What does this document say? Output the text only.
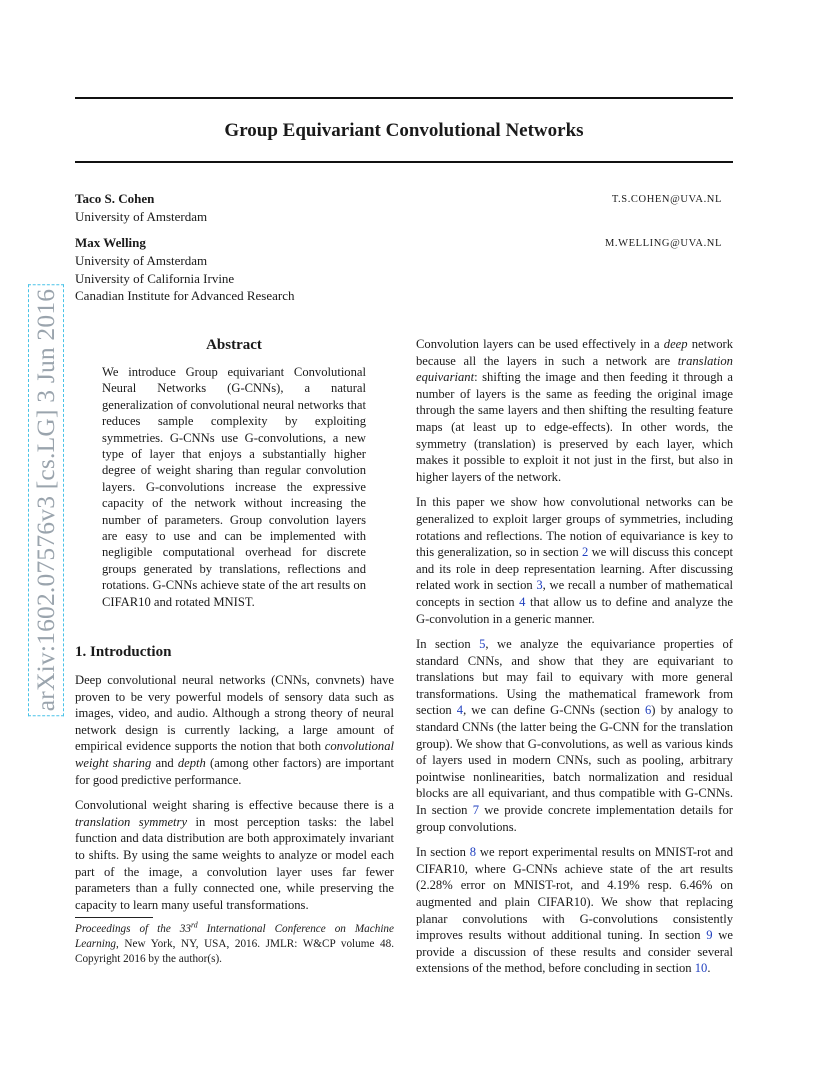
Group Equivariant Convolutional Networks
Taco S. Cohen	T.S.COHEN@UVA.NL
University of Amsterdam
Max Welling	M.WELLING@UVA.NL
University of Amsterdam
University of California Irvine
Canadian Institute for Advanced Research
arXiv:1602.07576v3 [cs.LG] 3 Jun 2016	Abstract
We introduce Group equivariant Convolutional Neural Networks (G-CNNs), a natural generalization of convolutional neural networks that reduces sample complexity by exploiting symmetries. G-CNNs use G-convolutions, a new type of layer that enjoys a substantially higher degree of weight sharing than regular convolution layers. G-convolutions increase the expressive capacity of the network without increasing the number of parameters. Group convolution layers are easy to use and can be implemented with negligible computational overhead for discrete groups generated by translations, reflections and rotations. G-CNNs achieve state of the art results on CIFAR10 and rotated MNIST.
1. Introduction

Deep convolutional neural networks (CNNs, convnets) have proven to be very powerful models of sensory data such as images, video, and audio. Although a strong theory of neural network design is currently lacking, a large amount of empirical evidence supports the notion that both convolutional weight sharing and depth (among other factors) are important for good predictive performance.

Convolutional weight sharing is effective because there is a translation symmetry in most perception tasks: the label function and data distribution are both approximately invariant to shifts. By using the same weights to analyze or model each part of the image, a convolution layer uses far fewer parameters than a fully connected one, while preserving the capacity to learn many useful transformations.

Convolution layers can be used effectively in a deep network because all the layers in such a network are translation equivariant: shifting the image and then feeding it through a number of layers is the same as feeding the original image through the same layers and then shifting the resulting feature maps (at least up to edge-effects). In other words, the symmetry (translation) is preserved by each layer, which makes it possible to exploit it not just in the first, but also in higher layers of the network.

In this paper we show how convolutional networks can be generalized to exploit larger groups of symmetries, including rotations and reflections. The notion of equivariance is key to this generalization, so in section 2 we will discuss this concept and its role in deep representation learning. After discussing related work in section 3, we recall a number of mathematical concepts in section 4 that allow us to define and analyze the G-convolution in a generic manner.

In section 5, we analyze the equivariance properties of standard CNNs, and show that they are equivariant to translations but may fail to equivary with more general transformations. Using the mathematical framework from section 4, we can define G-CNNs (section 6) by analogy to standard CNNs (the latter being the G-CNN for the translation group). We show that G-convolutions, as well as various kinds of layers used in modern CNNs, such as pooling, arbitrary pointwise nonlinearities, batch normalization and residual blocks are all equivariant, and thus compatible with G-CNNs. In section 7 we provide concrete implementation details for group convolutions.

In section 8 we report experimental results on MNIST-rot and CIFAR10, where G-CNNs achieve state of the art results (2.28% error on MNIST-rot, and 4.19% resp. 6.46% on augmented and plain CIFAR10). We show that replacing planar convolutions with G-convolutions consistently improves results without additional tuning. In section 9 we provide a discussion of these results and consider several extensions of the method, before concluding in section 10.

Proceedings of the 33rd International Conference on Machine Learning, New York, NY, USA, 2016. JMLR: W&CP volume 48. Copyright 2016 by the author(s).
